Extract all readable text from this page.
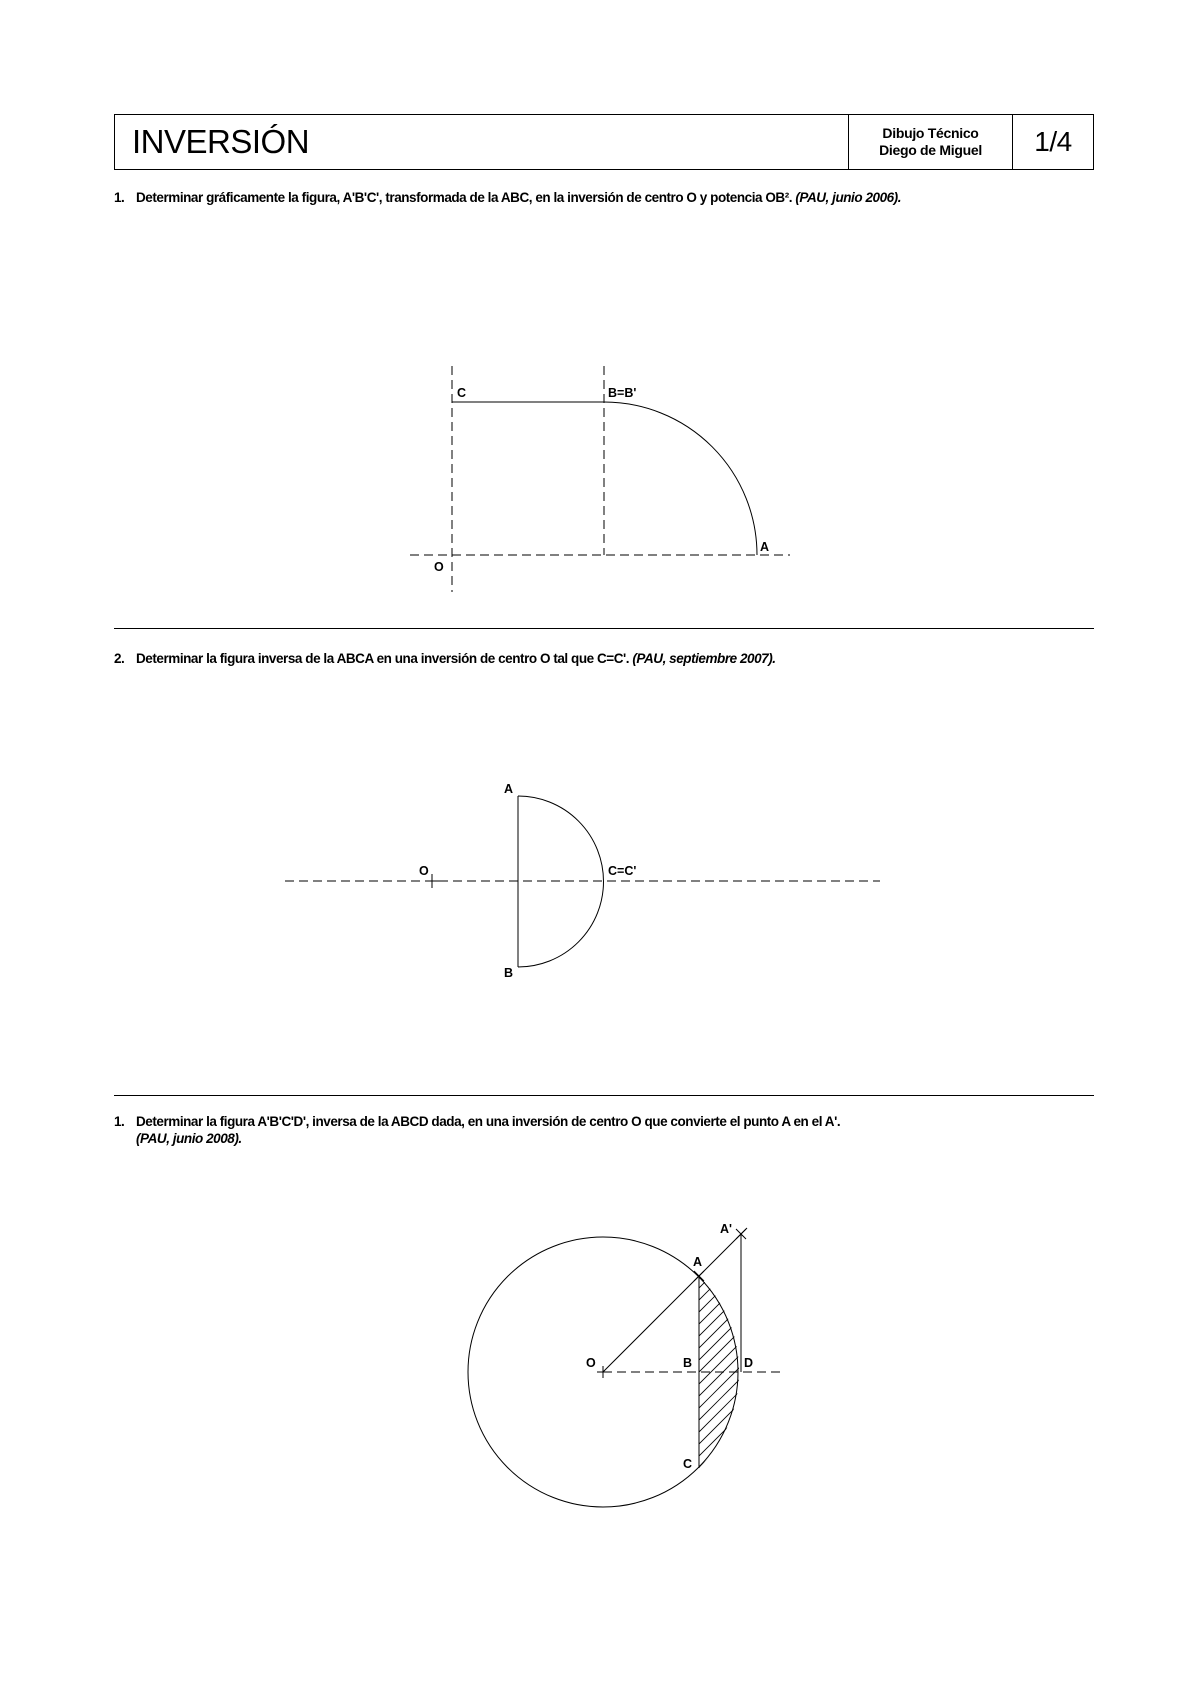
INVERSIÓN	Dibujo Técnico
Diego de Miguel	1/4
1. Determinar gráficamente la figura, A'B'C', transformada de la ABC, en la inversión de centro O y potencia OB². (PAU, junio 2006).
C	B=B'
A
O
2. Determinar la figura inversa de la ABCA en una inversión de centro O tal que C=C'. (PAU, septiembre 2007).
A
O	C=C'
B
1. Determinar la figura A'B'C'D', inversa de la ABCD dada, en una inversión de centro O que convierte el punto A en el A'.
(PAU, junio 2008).
A'
A
O	B	D
C
